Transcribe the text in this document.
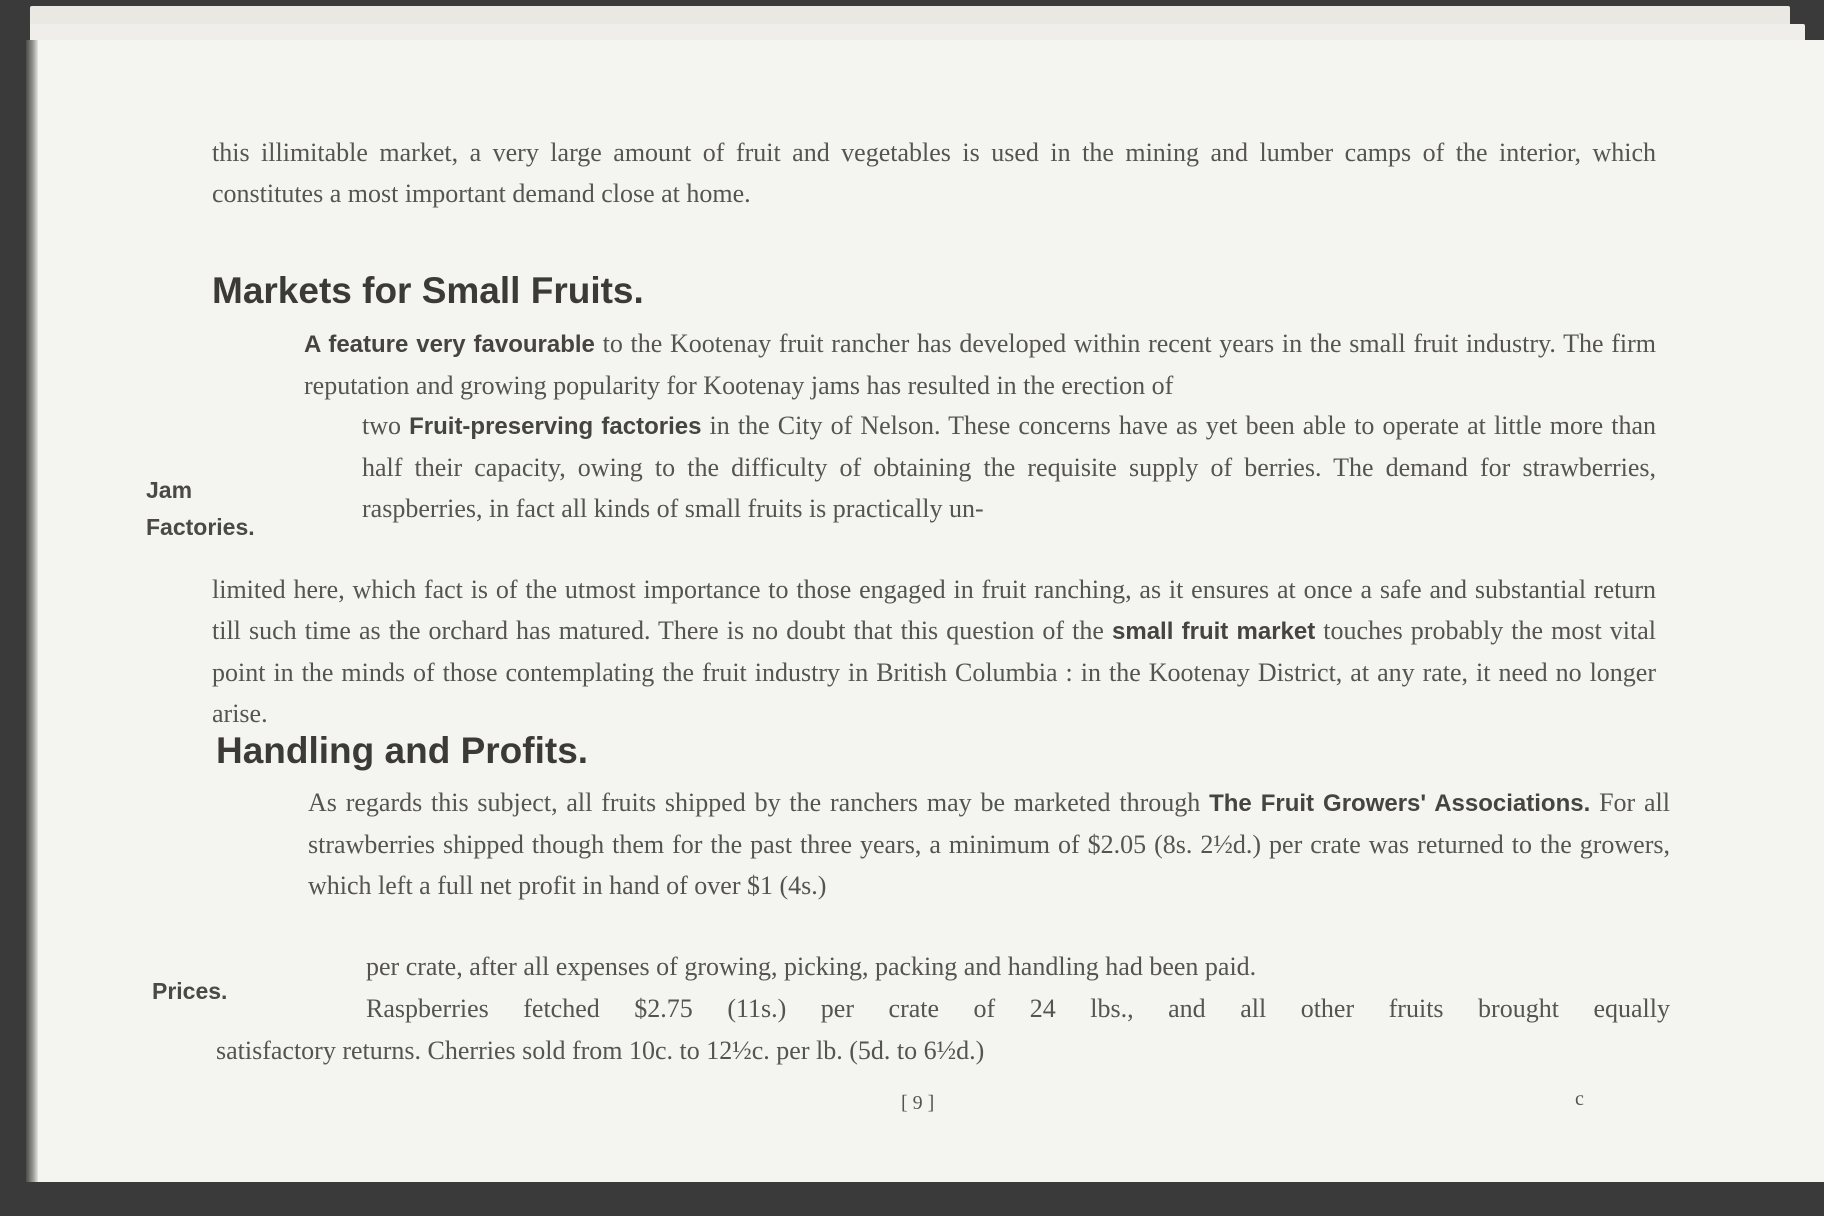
this illimitable market, a very large amount of fruit and vegetables is used in the mining and lumber camps of the interior, which constitutes a most important demand close at home.

Markets for Small Fruits.

A feature very favourable to the Kootenay fruit rancher has developed within recent years in the small fruit industry. The firm reputation and growing popularity for Kootenay jams has resulted in the erection of

two Fruit-preserving factories in the City of Nelson. These concerns have as yet been able to operate at little more than half their capacity, owing to the difficulty of obtaining the requisite supply of berries. The demand for strawberries, raspberries, in fact all kinds of small fruits is practically un-

limited here, which fact is of the utmost importance to those engaged in fruit ranching, as it ensures at once a safe and substantial return till such time as the orchard has matured. There is no doubt that this question of the small fruit market touches probably the most vital point in the minds of those contemplating the fruit industry in British Columbia : in the Kootenay District, at any rate, it need no longer arise.

Jam
Factories.
Handling and Profits.

As regards this subject, all fruits shipped by the ranchers may be marketed through The Fruit Growers' Associations. For all strawberries shipped though them for the past three years, a minimum of $2.05 (8s. 2½d.) per crate was returned to the growers, which left a full net profit in hand of over $1 (4s.)

per crate, after all expenses of growing, picking, packing and handling had been paid.

Raspberries fetched $2.75 (11s.) per crate of 24 lbs., and all other fruits brought equally

satisfactory returns. Cherries sold from 10c. to 12½c. per lb. (5d. to 6½d.)

Prices.
[ 9 ]	c
